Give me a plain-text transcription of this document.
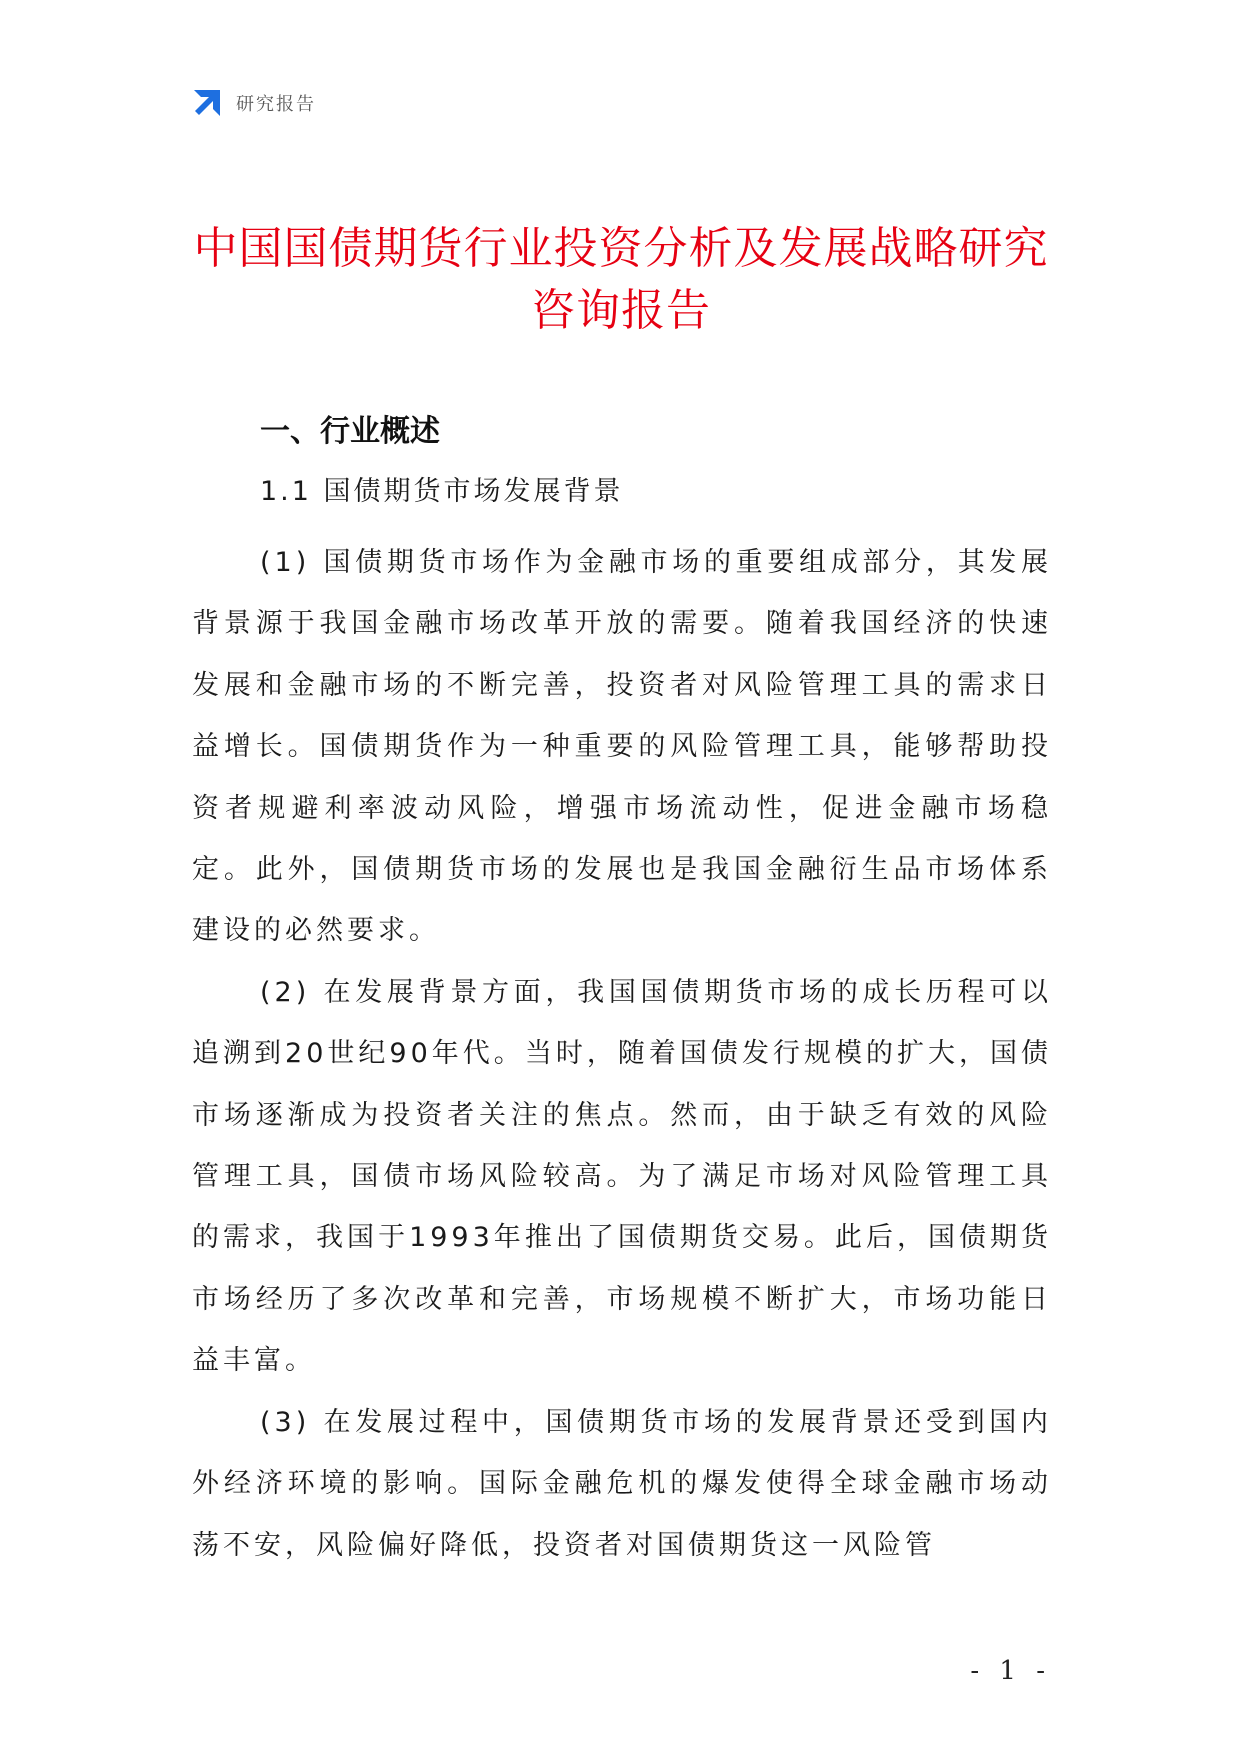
研究报告
中国国债期货行业投资分析及发展战略研究咨询报告
一、行业概述
1.1 国债期货市场发展背景

(1) 国债期货市场作为金融市场的重要组成部分，其发展背景源于我国金融市场改革开放的需要。随着我国经济的快速发展和金融市场的不断完善，投资者对风险管理工具的需求日益增长。国债期货作为一种重要的风险管理工具，能够帮助投资者规避利率波动风险，增强市场流动性，促进金融市场稳定。此外，国债期货市场的发展也是我国金融衍生品市场体系建设的必然要求。

(2) 在发展背景方面，我国国债期货市场的成长历程可以追溯到20世纪90年代。当时，随着国债发行规模的扩大，国债市场逐渐成为投资者关注的焦点。然而，由于缺乏有效的风险管理工具，国债市场风险较高。为了满足市场对风险管理工具的需求，我国于1993年推出了国债期货交易。此后，国债期货市场经历了多次改革和完善，市场规模不断扩大，市场功能日益丰富。

(3) 在发展过程中，国债期货市场的发展背景还受到国内外经济环境的影响。国际金融危机的爆发使得全球金融市场动荡不安，风险偏好降低，投资者对国债期货这一风险管

- 1 -
